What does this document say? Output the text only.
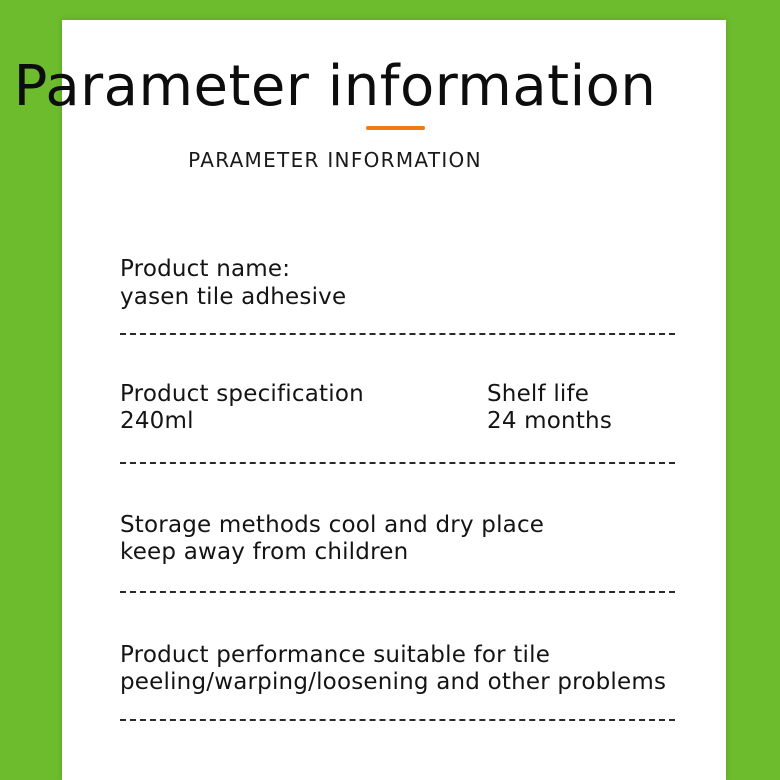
Parameter information
PARAMETER INFORMATION
Product name:
yasen tile adhesive
Product specification
240ml
Shelf life
24 months
Storage methods cool and dry place
keep away from children
Product performance suitable for tile
peeling/warping/loosening and other problems
